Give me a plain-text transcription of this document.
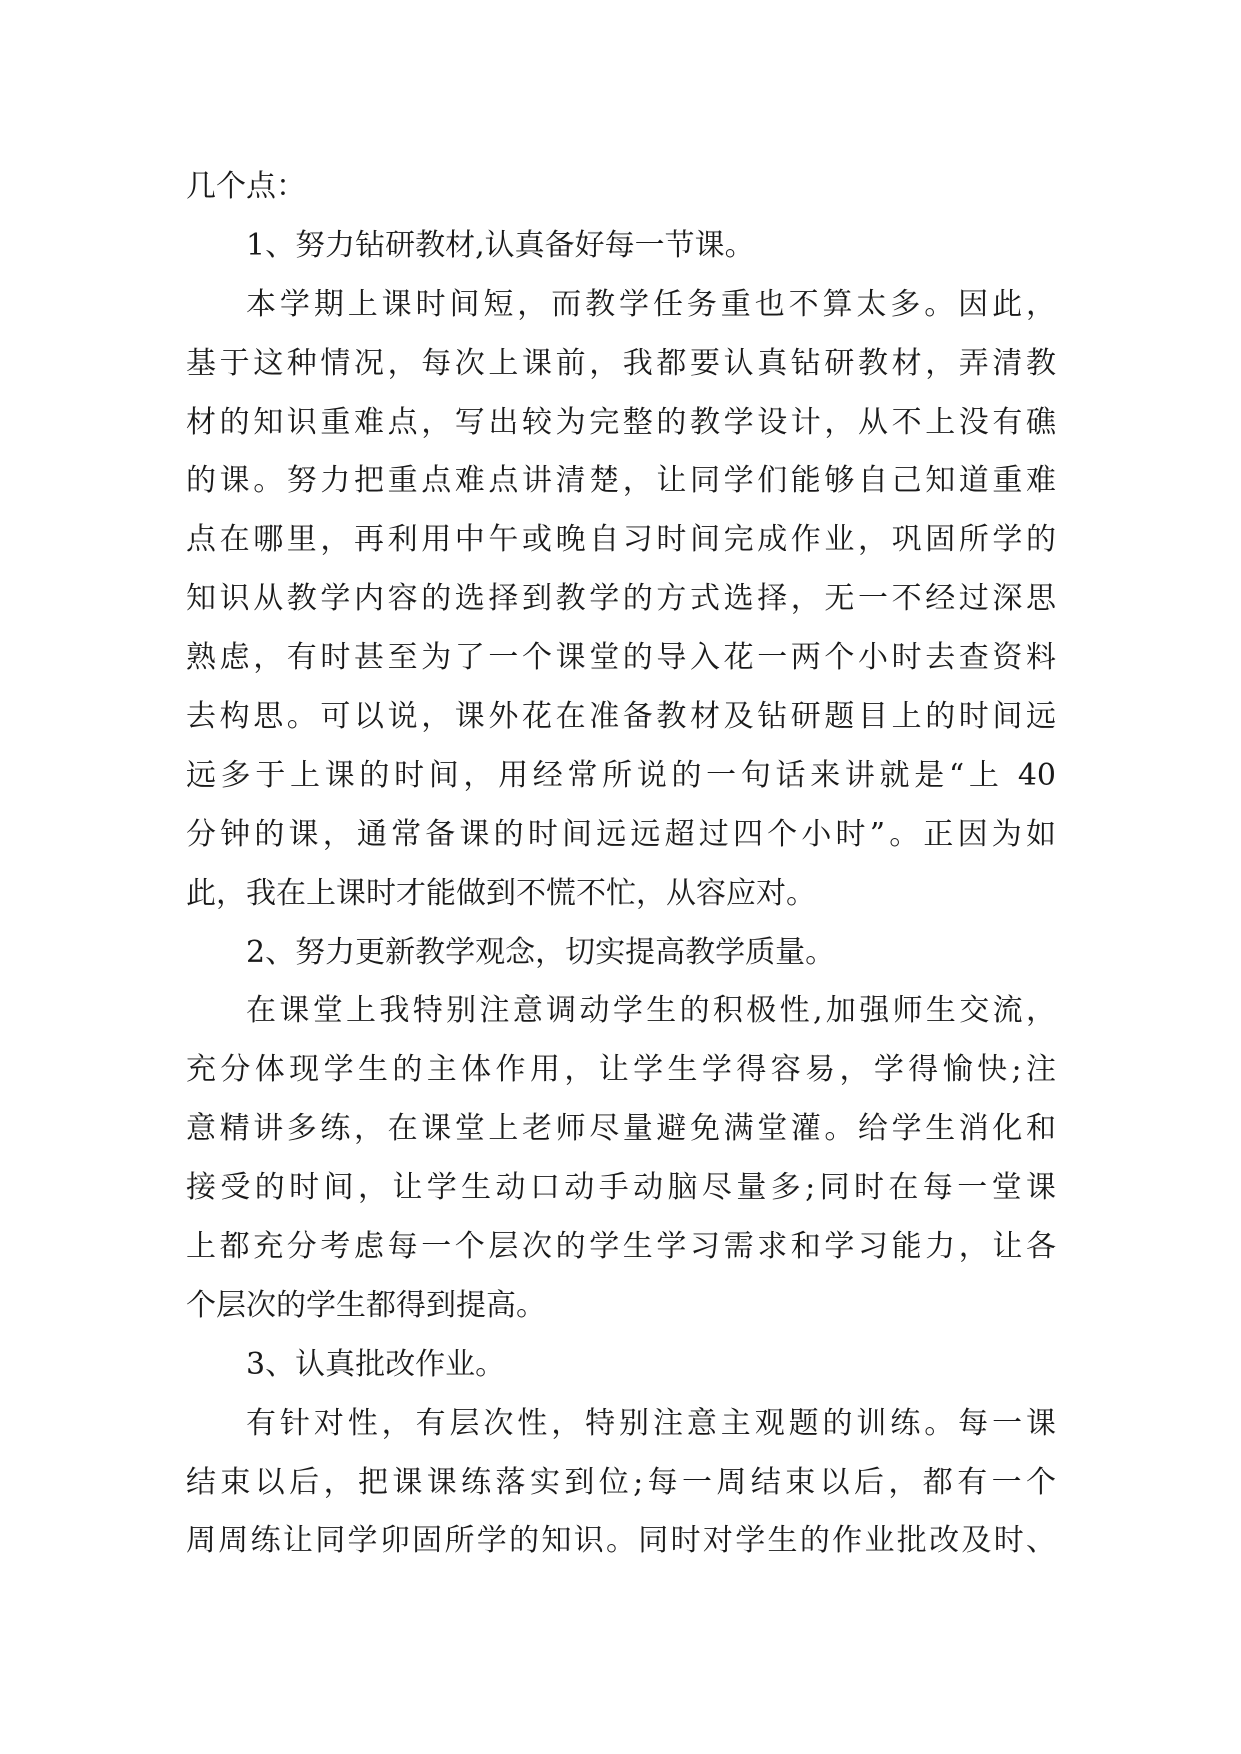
几个点：
1、努力钻研教材,认真备好每一节课。
本学期上课时间短，而教学任务重也不算太多。因此，
基于这种情况，每次上课前，我都要认真钻研教材，弄清教
材的知识重难点，写出较为完整的教学设计，从不上没有礁
的课。努力把重点难点讲清楚，让同学们能够自己知道重难
点在哪里，再利用中午或晚自习时间完成作业，巩固所学的
知识从教学内容的选择到教学的方式选择，无一不经过深思
熟虑，有时甚至为了一个课堂的导入花一两个小时去查资料
去构思。可以说，课外花在准备教材及钻研题目上的时间远
远多于上课的时间，用经常所说的一句话来讲就是“上 40
分钟的课，通常备课的时间远远超过四个小时”。正因为如
此，我在上课时才能做到不慌不忙，从容应对。
2、努力更新教学观念，切实提高教学质量。
在课堂上我特别注意调动学生的积极性,加强师生交流，
充分体现学生的主体作用，让学生学得容易，学得愉快;注
意精讲多练，在课堂上老师尽量避免满堂灌。给学生消化和
接受的时间，让学生动口动手动脑尽量多;同时在每一堂课
上都充分考虑每一个层次的学生学习需求和学习能力，让各
个层次的学生都得到提高。
3、认真批改作业。
有针对性，有层次性，特别注意主观题的训练。每一课
结束以后，把课课练落实到位;每一周结束以后，都有一个
周周练让同学卯固所学的知识。同时对学生的作业批改及时、
